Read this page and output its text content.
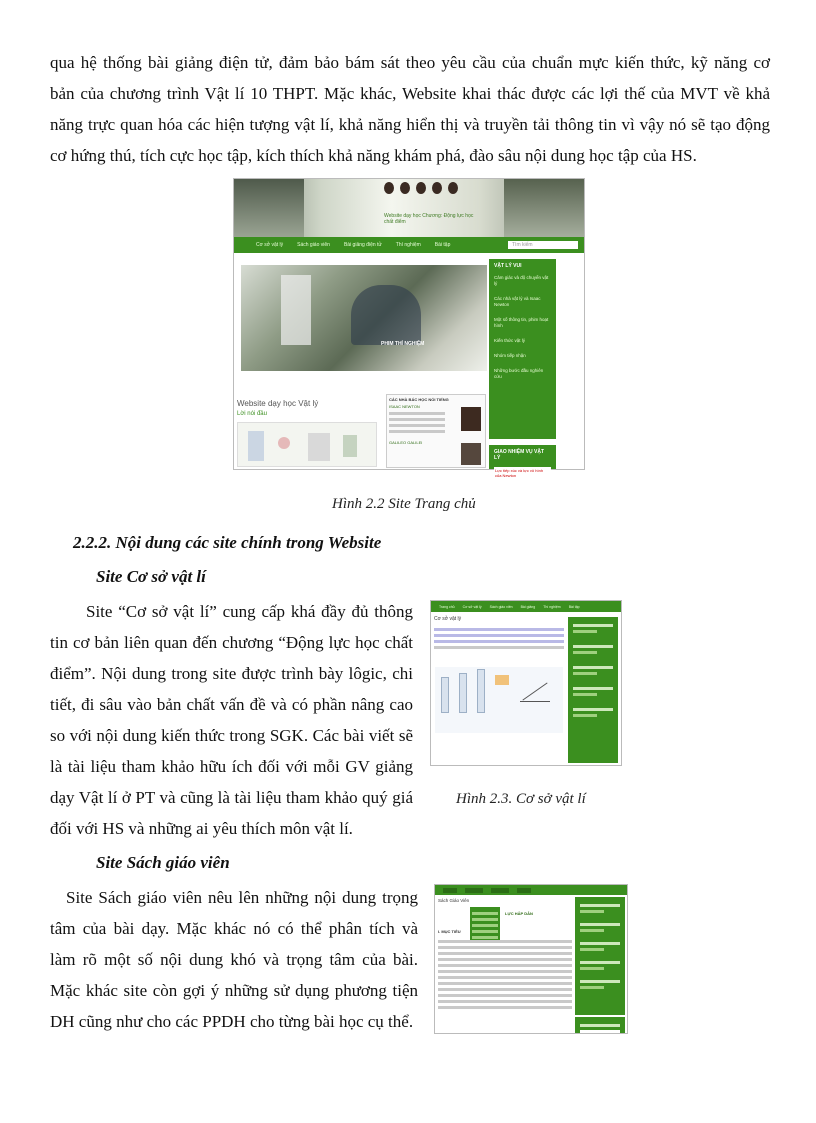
qua hệ thống bài giảng điện tử, đảm bảo bám sát theo yêu cầu của chuẩn mực kiến thức, kỹ năng cơ
bản của chương trình Vật lí 10 THPT. Mặc khác, Website khai thác được các lợi thế của MVT về khả
năng trực quan hóa các hiện tượng vật lí, khả năng hiển thị và truyền tải thông tin vì vậy nó sẽ tạo động
cơ hứng thú, tích cực học tập, kích thích khả năng khám phá, đào sâu nội dung học tập của HS.
Website dạy học Chương: Động lực học chất điểm
Cơ sở vật lý	Sách giáo viên	Bài giảng điện tử	Thí nghiệm	Bài tập	Tìm kiếm
PHIM THÍ NGHIỆM
Website dạy học Vật lý
Lời nói đầu
CÁC NHÀ BÁC HỌC NỔI TIẾNG
ISAAC NEWTON
GALILEO GALILEI
VẬT LÝ VUI
Cảm giác và độ chuyển vật lý
Các nhà vật lý và Isaac Newton
Một số thông tin, phim hoạt hình
Kiến thức vật lý
Nhóm tiếp nhận
Những bước đầu nghiên cứu
GIAO NHIỆM VỤ VẬT LÝ
Lực tiếp xúc và lực vô hình của Newton
Hình 2.2 Site Trang chủ
2.2.2. Nội dung các site chính trong Website
Site Cơ sở vật lí
Site “Cơ sở vật lí” cung cấp khá đầy đủ thông
tin cơ bản liên quan đến chương “Động lực học chất
điểm”. Nội dung trong site được trình bày lôgic, chi
tiết, đi sâu vào bản chất vấn đề và có phần nâng cao
so với nội dung kiến thức trong SGK. Các bài viết sẽ
là tài liệu tham khảo hữu ích đối với mỗi GV giảng
dạy Vật lí ở PT và cũng là tài liệu tham khảo quý giá
đối với HS và những ai yêu thích môn vật lí.
Trang chủ Cơ sở vật lý Sách giáo viên Bài giảng Thí nghiệm Bài tập
Cơ sở vật lý
Hình 2.3. Cơ sở vật lí
Site Sách giáo viên
Site Sách giáo viên nêu lên những nội dung trọng
tâm của bài dạy. Mặc khác nó có thể phân tích và
làm rõ một số nội dung khó và trọng tâm của bài.
Mặc khác site còn gợi ý những sử dụng phương tiện
DH cũng như cho các PPDH cho từng bài học cụ thể.
Sách Giáo Viên
LỰC HẤP DẪN
I. MỤC TIÊU
